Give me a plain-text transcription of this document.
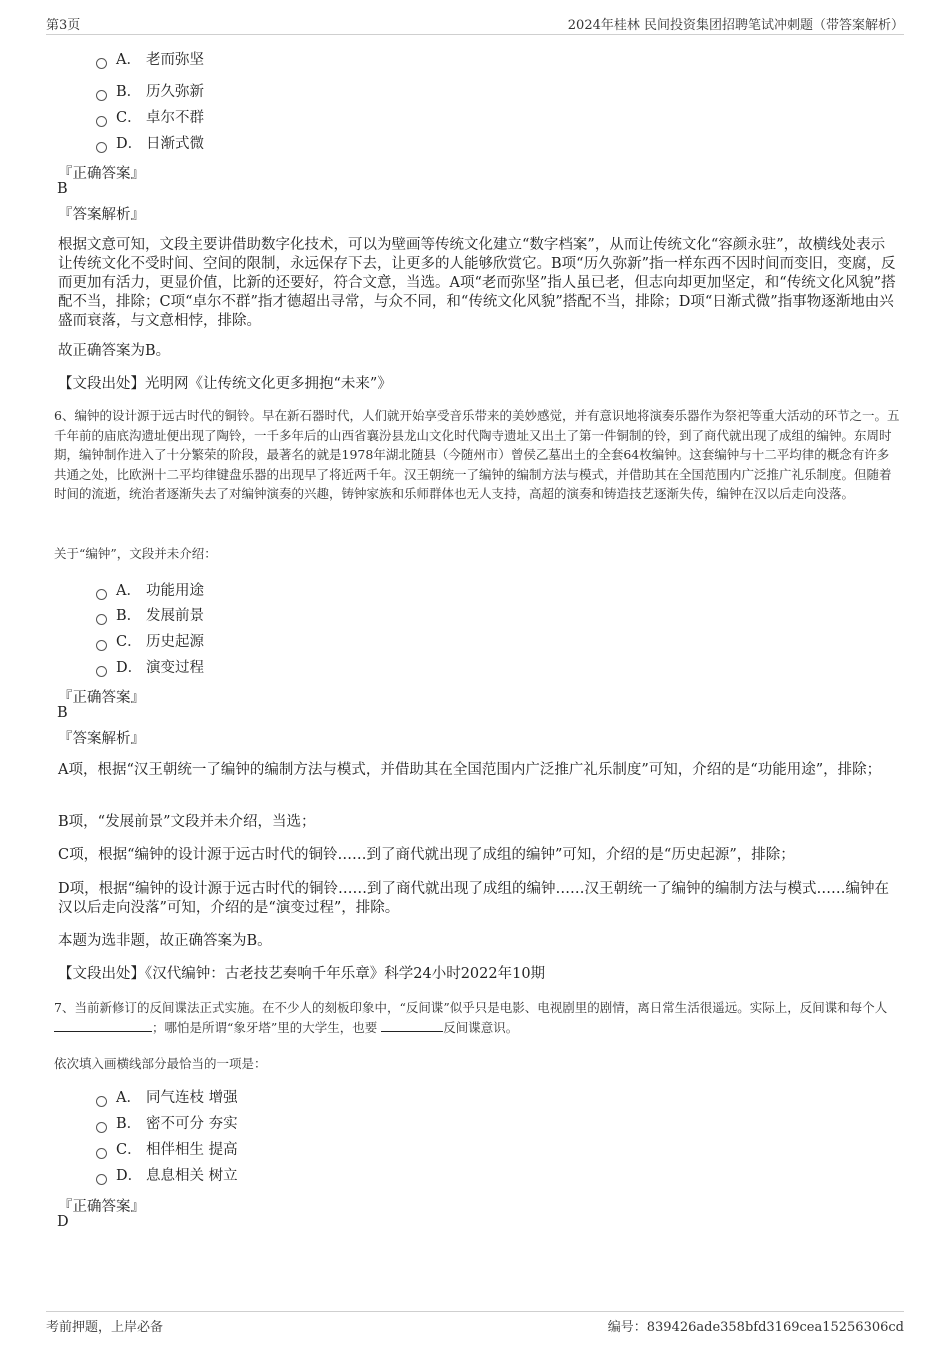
第3页	2024年桂林 民间投资集团招聘笔试冲刺题（带答案解析）
A． 老而弥坚
B． 历久弥新
C． 卓尔不群
D． 日渐式微
『正确答案』
B
『答案解析』
根据文意可知，文段主要讲借助数字化技术，可以为壁画等传统文化建立“数字档案”，从而让传统文化“容颜永驻”，故横线处表示让传统文化不受时间、空间的限制，永远保存下去，让更多的人能够欣赏它。B项“历久弥新”指一样东西不因时间而变旧，变腐，反而更加有活力，更显价值，比新的还要好，符合文意，当选。A项“老而弥坚”指人虽已老，但志向却更加坚定，和“传统文化风貌”搭配不当，排除；C项“卓尔不群”指才德超出寻常，与众不同，和“传统文化风貌”搭配不当，排除；D项“日渐式微”指事物逐渐地由兴盛而衰落，与文意相悖，排除。
故正确答案为B。
【文段出处】光明网《让传统文化更多拥抱“未来”》
6、编钟的设计源于远古时代的铜铃。早在新石器时代，人们就开始享受音乐带来的美妙感觉，并有意识地将演奏乐器作为祭祀等重大活动的环节之一。五千年前的庙底沟遗址便出现了陶铃，一千多年后的山西省襄汾县龙山文化时代陶寺遗址又出土了第一件铜制的铃，到了商代就出现了成组的编钟。东周时期，编钟制作进入了十分繁荣的阶段，最著名的就是1978年湖北随县（今随州市）曾侯乙墓出土的全套64枚编钟。这套编钟与十二平均律的概念有许多共通之处，比欧洲十二平均律键盘乐器的出现早了将近两千年。汉王朝统一了编钟的编制方法与模式，并借助其在全国范围内广泛推广礼乐制度。但随着时间的流逝，统治者逐渐失去了对编钟演奏的兴趣，铸钟家族和乐师群体也无人支持，高超的演奏和铸造技艺逐渐失传，编钟在汉以后走向没落。
关于“编钟”，文段并未介绍：
A． 功能用途
B． 发展前景
C． 历史起源
D． 演变过程
『正确答案』
B
『答案解析』
A项，根据“汉王朝统一了编钟的编制方法与模式，并借助其在全国范围内广泛推广礼乐制度”可知，介绍的是“功能用途”，排除；
B项，“发展前景”文段并未介绍，当选；
C项，根据“编钟的设计源于远古时代的铜铃……到了商代就出现了成组的编钟”可知，介绍的是“历史起源”，排除；
D项，根据“编钟的设计源于远古时代的铜铃……到了商代就出现了成组的编钟……汉王朝统一了编钟的编制方法与模式……编钟在汉以后走向没落”可知，介绍的是“演变过程”，排除。
本题为选非题，故正确答案为B。
【文段出处】《汉代编钟：古老技艺奏响千年乐章》科学24小时2022年10期
7、当前新修订的反间谍法正式实施。在不少人的刻板印象中，“反间谍”似乎只是电影、电视剧里的剧情，离日常生活很遥远。实际上，反间谍和每个人 ；哪怕是所谓“象牙塔”里的大学生，也要	反间谍意识。
依次填入画横线部分最恰当的一项是：
A． 同气连枝 增强
B． 密不可分 夯实
C． 相伴相生 提高
D． 息息相关 树立
『正确答案』
D
考前押题，上岸必备	编号：839426ade358bfd3169cea15256306cd
